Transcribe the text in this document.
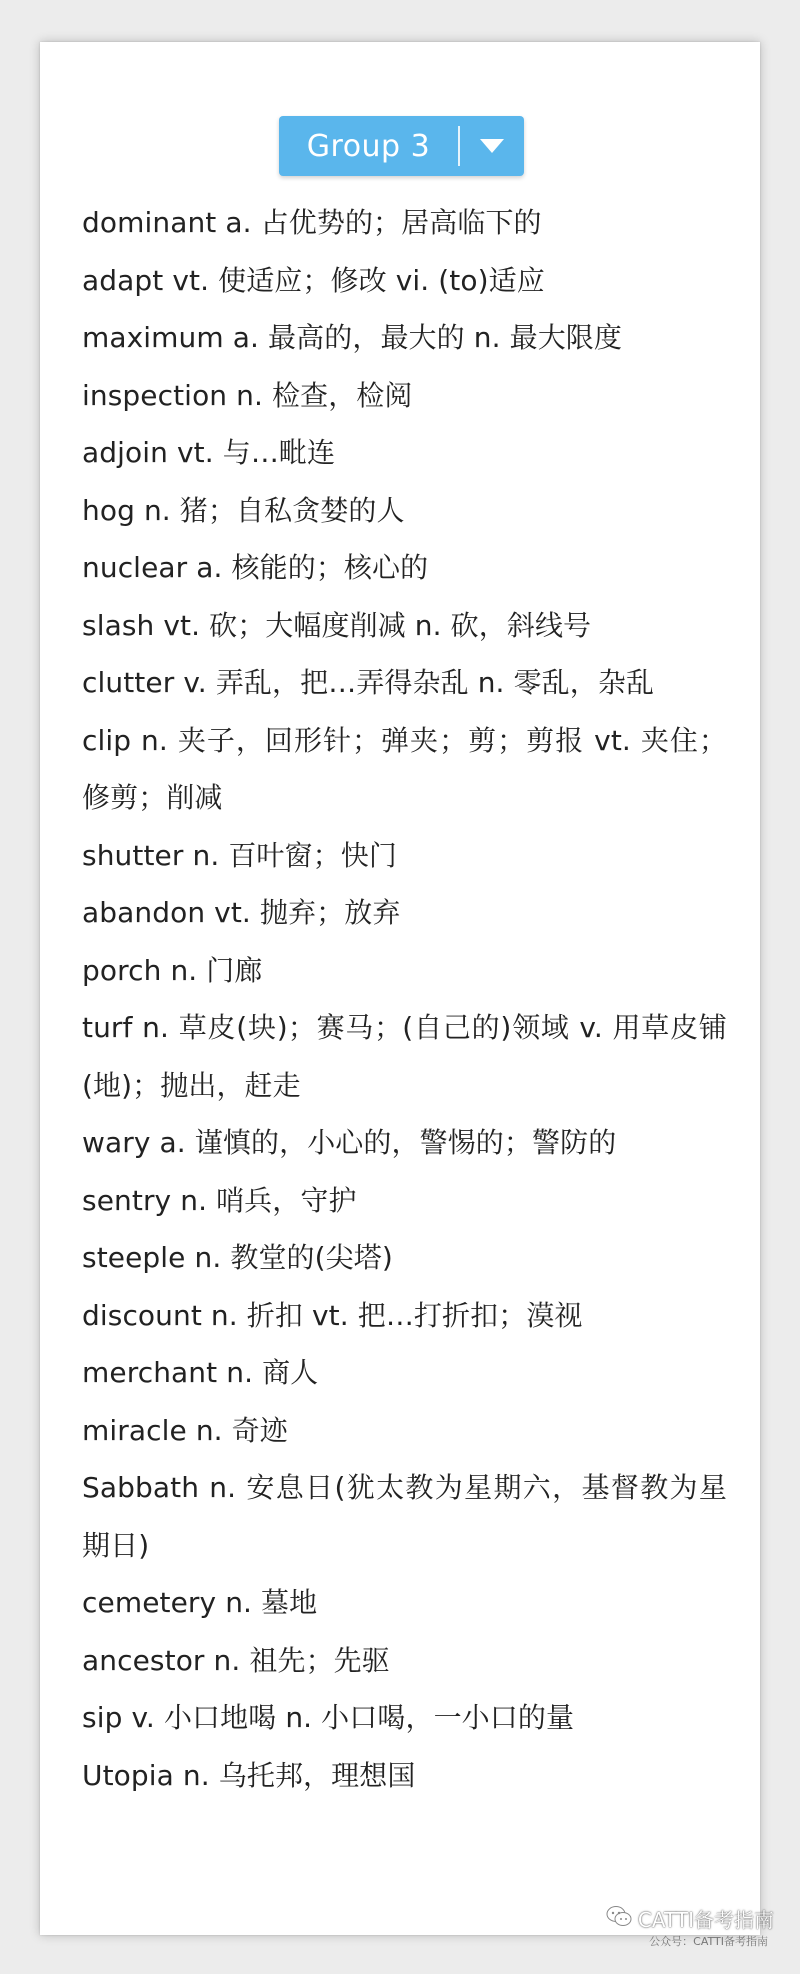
Group 3
dominant a. 占优势的；居高临下的
adapt vt. 使适应；修改 vi. (to)适应
maximum a. 最高的，最大的 n. 最大限度
inspection n. 检查，检阅
adjoin vt. 与…毗连
hog n. 猪；自私贪婪的人
nuclear a. 核能的；核心的
slash vt. 砍；大幅度削减 n. 砍，斜线号
clutter v. 弄乱，把…弄得杂乱 n. 零乱，杂乱
clip n. 夹子，回形针；弹夹；剪；剪报 vt. 夹住；修剪；削减
shutter n. 百叶窗；快门
abandon vt. 抛弃；放弃
porch n. 门廊
turf n. 草皮(块)；赛马；(自己的)领域 v. 用草皮铺(地)；抛出，赶走
wary a. 谨慎的，小心的，警惕的；警防的
sentry n. 哨兵，守护
steeple n. 教堂的(尖塔)
discount n. 折扣 vt. 把…打折扣；漠视
merchant n. 商人
miracle n. 奇迹
Sabbath n. 安息日(犹太教为星期六，基督教为星期日)
cemetery n. 墓地
ancestor n. 祖先；先驱
sip v. 小口地喝 n. 小口喝，一小口的量
Utopia n. 乌托邦，理想国
CATTI备考指南
公众号：CATTI备考指南
